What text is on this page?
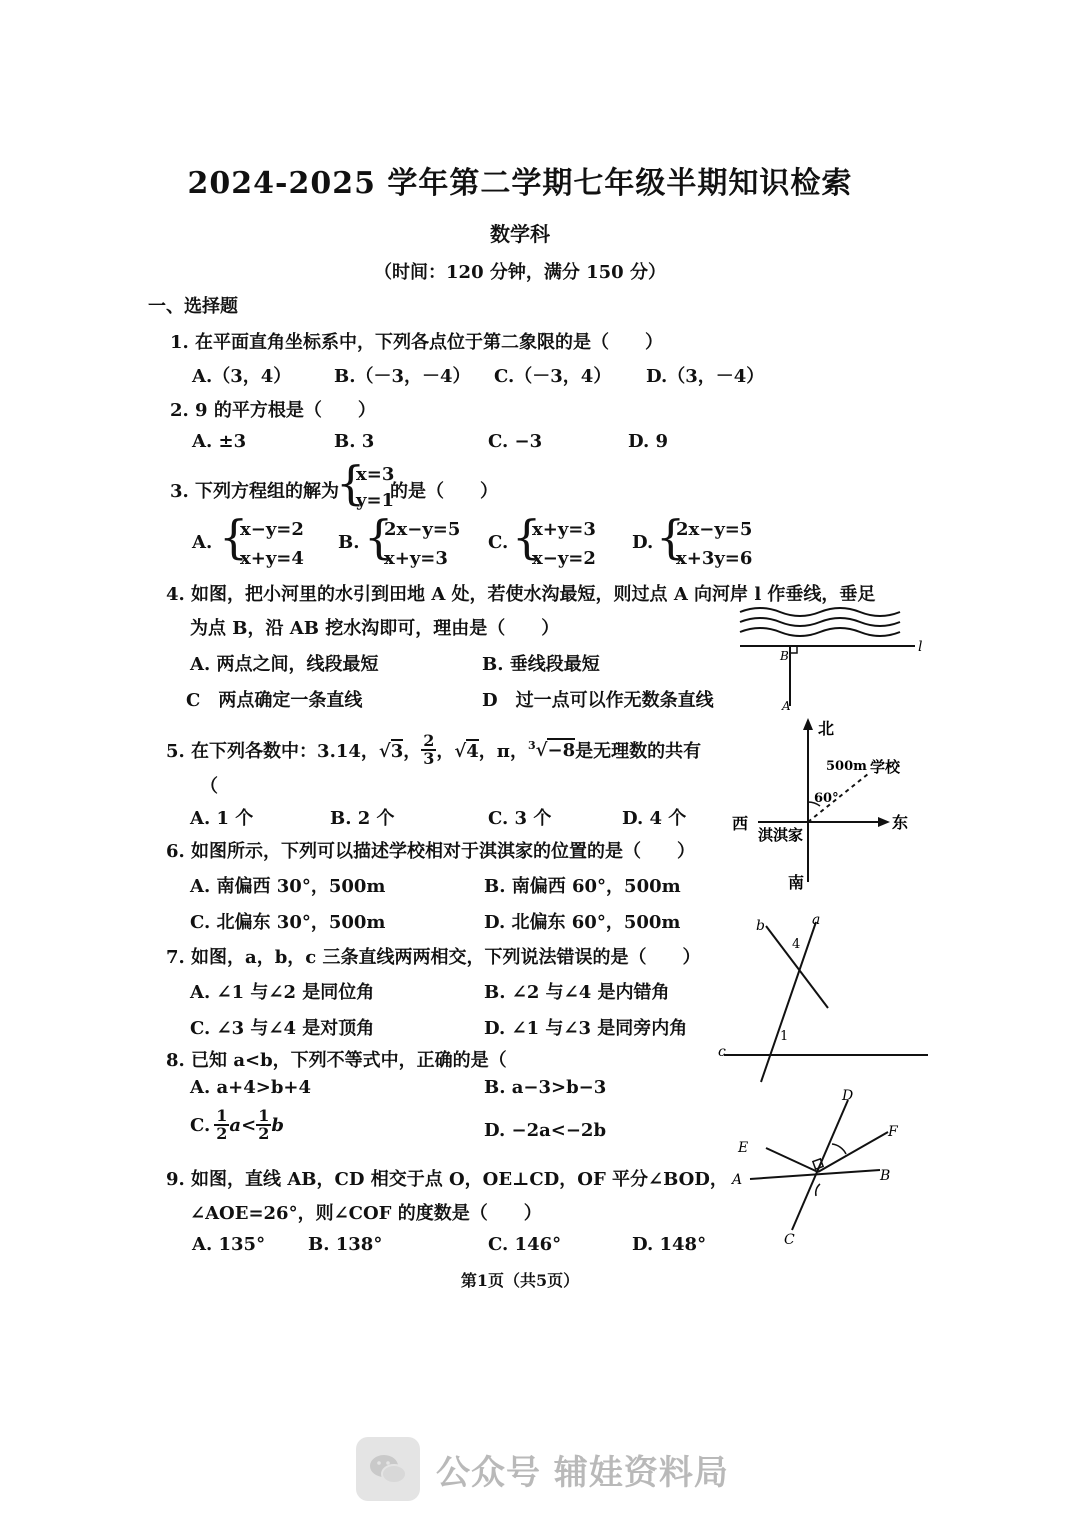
2024-2025 学年第二学期七年级半期知识检索
数学科
（时间：120 分钟，满分 150 分）
一、选择题
1. 在平面直角坐标系中，下列各点位于第二象限的是（　　）
A.（3，4） B.（－3，－4） C.（－3，4） D.（3，－4）
2. 9 的平方根是（　　）
A. ±3	B. 3	C. −3	D. 9
3. 下列方程组的解为
{
x=3
y=1
的是（　　）
A. {
x−y=2
x+y=4
B. {
2x−y=5
x+y=3
C. {
x+y=3
x−y=2
D. {
2x−y=5
x+3y=6
4. 如图，把小河里的水引到田地 A 处，若使水沟最短，则过点 A 向河岸 l 作垂线，垂足
为点 B，沿 AB 挖水沟即可，理由是（　　）
A. 两点之间，线段最短	B. 垂线段最短
C　两点确定一条直线	D　过一点可以作无数条直线
5. 在下列各数中：3.14， √3， $\frac{2}{3}$ ， √4， π， $^3$√−8 是无理数的共有
（
A. 1 个	B. 2 个	C. 3 个	D. 4 个
6. 如图所示，下列可以描述学校相对于淇淇家的位置的是（　　）
A. 南偏西 30°，500m	B. 南偏西 60°，500m
C. 北偏东 30°，500m	D. 北偏东 60°，500m
7. 如图，a，b，c 三条直线两两相交，下列说法错误的是（　　）
A. ∠1 与∠2 是同位角	B. ∠2 与∠4 是内错角
C. ∠3 与∠4 是对顶角	D. ∠1 与∠3 是同旁内角
8. 已知 a<b，下列不等式中，正确的是（
A. a+4>b+4	B. a−3>b−3
C. $\frac{1}{2}$ $a < \frac{1}{2}$ b	D. −2a<−2b
9. 如图，直线 AB，CD 相交于点 O，OE⊥CD，OF 平分∠BOD，
∠AOE=26°，则∠COF 的度数是（　　）
A. 135° B. 138°	C. 146°	D. 148°
l
B
A
北
东
西
南
淇淇家
学校
500m
60°
a
b
c
4
1
D
E
F
A	B
C
第1页（共5页）
公众号 辅娃资料局
